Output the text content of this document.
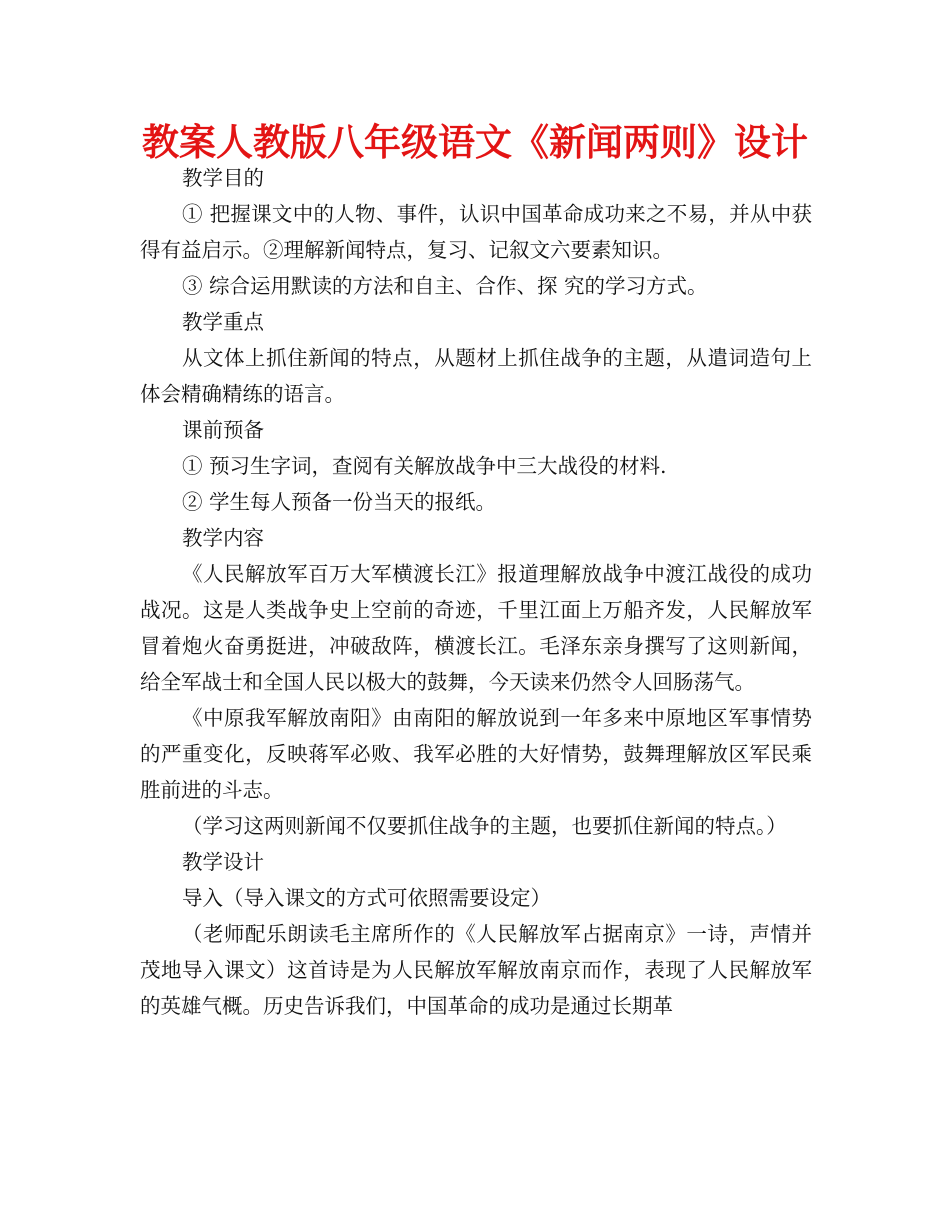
教案人教版八年级语文《新闻两则》设计

教学目的

① 把握课文中的人物、事件，认识中国革命成功来之不易，并从中获得有益启示。②理解新闻特点，复习、记叙文六要素知识。

③ 综合运用默读的方法和自主、合作、探 究的学习方式。

教学重点

从文体上抓住新闻的特点，从题材上抓住战争的主题，从遣词造句上体会精确精练的语言。

课前预备

① 预习生字词，查阅有关解放战争中三大战役的材料.

② 学生每人预备一份当天的报纸。

教学内容

《人民解放军百万大军横渡长江》报道理解放战争中渡江战役的成功战况。这是人类战争史上空前的奇迹，千里江面上万船齐发，人民解放军冒着炮火奋勇挺进，冲破敌阵，横渡长江。毛泽东亲身撰写了这则新闻，给全军战士和全国人民以极大的鼓舞，今天读来仍然令人回肠荡气。

《中原我军解放南阳》由南阳的解放说到一年多来中原地区军事情势的严重变化，反映蒋军必败、我军必胜的大好情势，鼓舞理解放区军民乘胜前进的斗志。

（学习这两则新闻不仅要抓住战争的主题，也要抓住新闻的特点。）

教学设计

导入（导入课文的方式可依照需要设定）

（老师配乐朗读毛主席所作的《人民解放军占据南京》一诗，声情并茂地导入课文）这首诗是为人民解放军解放南京而作，表现了人民解放军的英雄气概。历史告诉我们，中国革命的成功是通过长期革
